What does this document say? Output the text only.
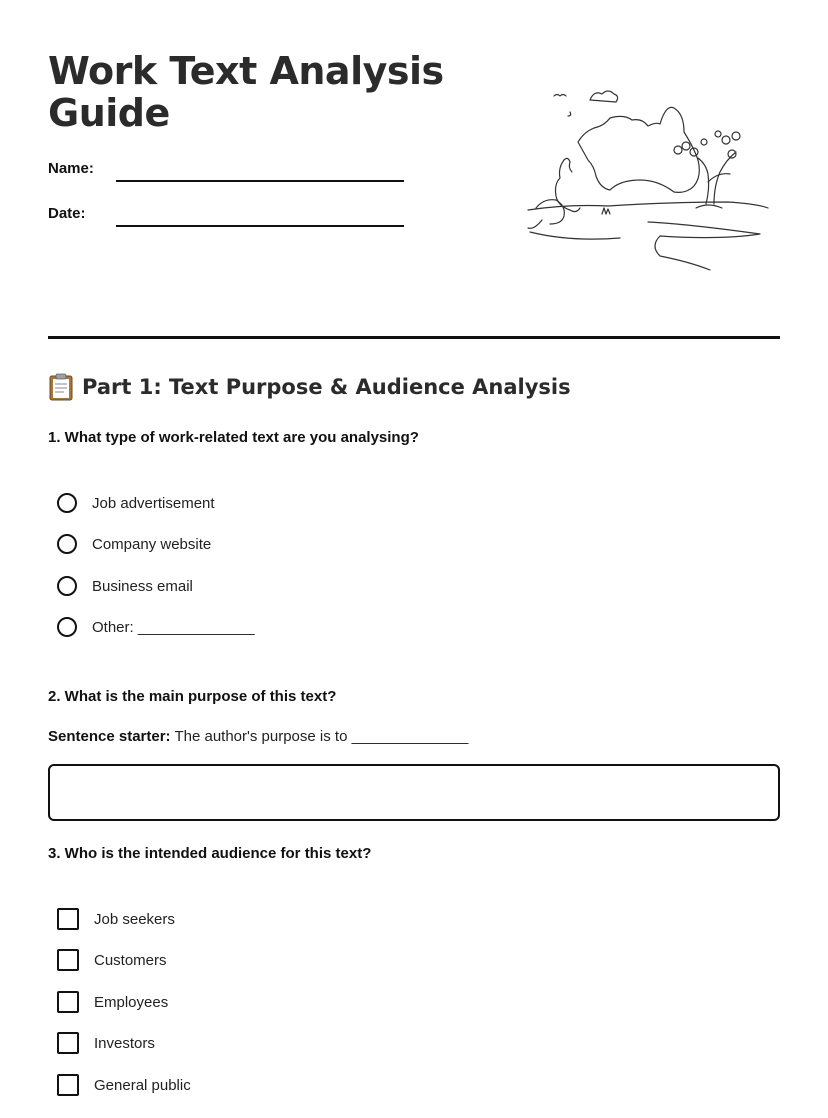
Work Text Analysis Guide
Name:
Date:
Part 1: Text Purpose & Audience Analysis
1. What type of work-related text are you analysing?
Job advertisement
Company website
Business email
Other: ______________
2. What is the main purpose of this text?
Sentence starter: The author's purpose is to ______________
3. Who is the intended audience for this text?
Job seekers
Customers
Employees
Investors
General public
